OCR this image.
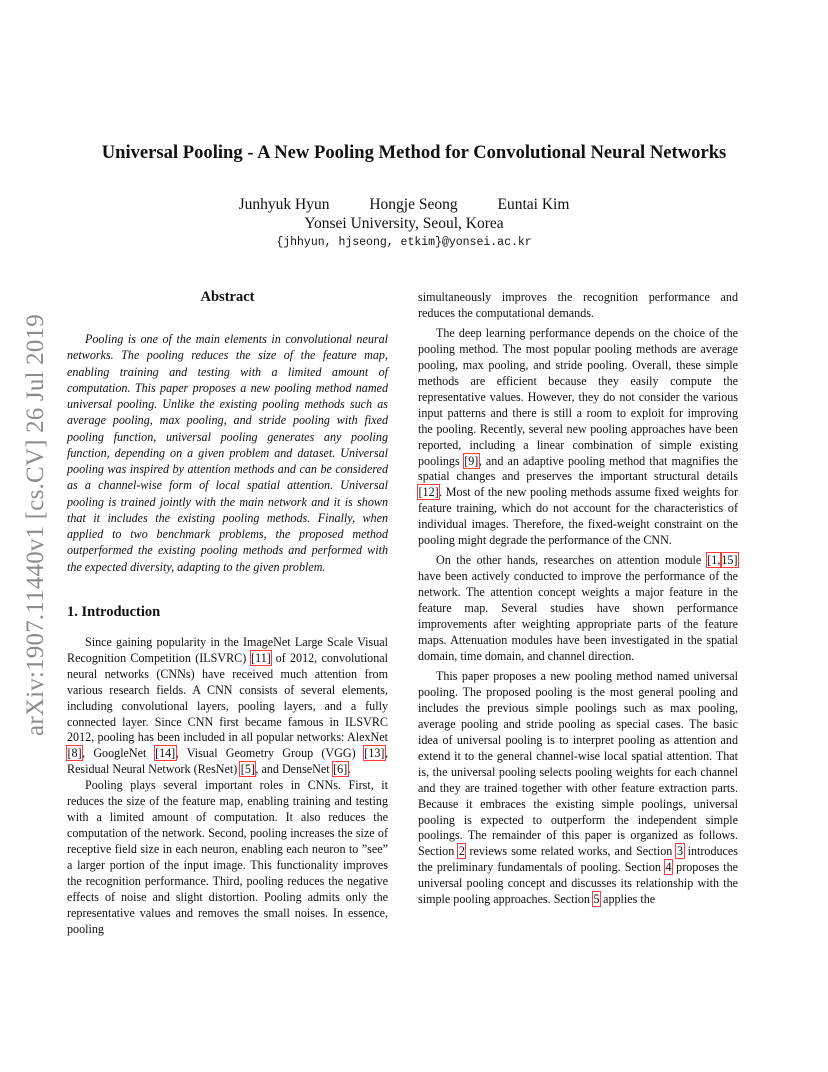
arXiv:1907.11440v1 [cs.CV] 26 Jul 2019
Universal Pooling - A New Pooling Method for Convolutional Neural Networks
Junhyuk Hyun	Hongje Seong	Euntai Kim
Yonsei University, Seoul, Korea
{jhhyun, hjseong, etkim}@yonsei.ac.kr
Abstract

Pooling is one of the main elements in convolutional neural networks. The pooling reduces the size of the feature map, enabling training and testing with a limited amount of computation. This paper proposes a new pooling method named universal pooling. Unlike the existing pooling methods such as average pooling, max pooling, and stride pooling with fixed pooling function, universal pooling generates any pooling function, depending on a given problem and dataset. Universal pooling was inspired by attention methods and can be considered as a channel-wise form of local spatial attention. Universal pooling is trained jointly with the main network and it is shown that it includes the existing pooling methods. Finally, when applied to two benchmark problems, the proposed method outperformed the existing pooling methods and performed with the expected diversity, adapting to the given problem.

1. Introduction

Since gaining popularity in the ImageNet Large Scale Visual Recognition Competition (ILSVRC) [11] of 2012, convolutional neural networks (CNNs) have received much attention from various research fields. A CNN consists of several elements, including convolutional layers, pooling layers, and a fully connected layer. Since CNN first became famous in ILSVRC 2012, pooling has been included in all popular networks: AlexNet [8], GoogleNet [14], Visual Geometry Group (VGG) [13], Residual Neural Network (ResNet) [5], and DenseNet [6].

Pooling plays several important roles in CNNs. First, it reduces the size of the feature map, enabling training and testing with a limited amount of computation. It also reduces the computation of the network. Second, pooling increases the size of receptive field size in each neuron, enabling each neuron to ”see” a larger portion of the input image. This functionality improves the recognition performance. Third, pooling reduces the negative effects of noise and slight distortion. Pooling admits only the representative values and removes the small noises. In essence, pooling

simultaneously improves the recognition performance and reduces the computational demands.

The deep learning performance depends on the choice of the pooling method. The most popular pooling methods are average pooling, max pooling, and stride pooling. Overall, these simple methods are efficient because they easily compute the representative values. However, they do not consider the various input patterns and there is still a room to exploit for improving the pooling. Recently, several new pooling approaches have been reported, including a linear combination of simple existing poolings [9], and an adaptive pooling method that magnifies the spatial changes and preserves the important structural details [12]. Most of the new pooling methods assume fixed weights for feature training, which do not account for the characteristics of individual images. Therefore, the fixed-weight constraint on the pooling might degrade the performance of the CNN.

On the other hands, researches on attention module [1,15] have been actively conducted to improve the performance of the network. The attention concept weights a major feature in the feature map. Several studies have shown performance improvements after weighting appropriate parts of the feature maps. Attenuation modules have been investigated in the spatial domain, time domain, and channel direction.

This paper proposes a new pooling method named universal pooling. The proposed pooling is the most general pooling and includes the previous simple poolings such as max pooling, average pooling and stride pooling as special cases. The basic idea of universal pooling is to interpret pooling as attention and extend it to the general channel-wise local spatial attention. That is, the universal pooling selects pooling weights for each channel and they are trained together with other feature extraction parts. Because it embraces the existing simple poolings, universal pooling is expected to outperform the independent simple poolings. The remainder of this paper is organized as follows. Section 2 reviews some related works, and Section 3 introduces the preliminary fundamentals of pooling. Section 4 proposes the universal pooling concept and discusses its relationship with the simple pooling approaches. Section 5 applies the
